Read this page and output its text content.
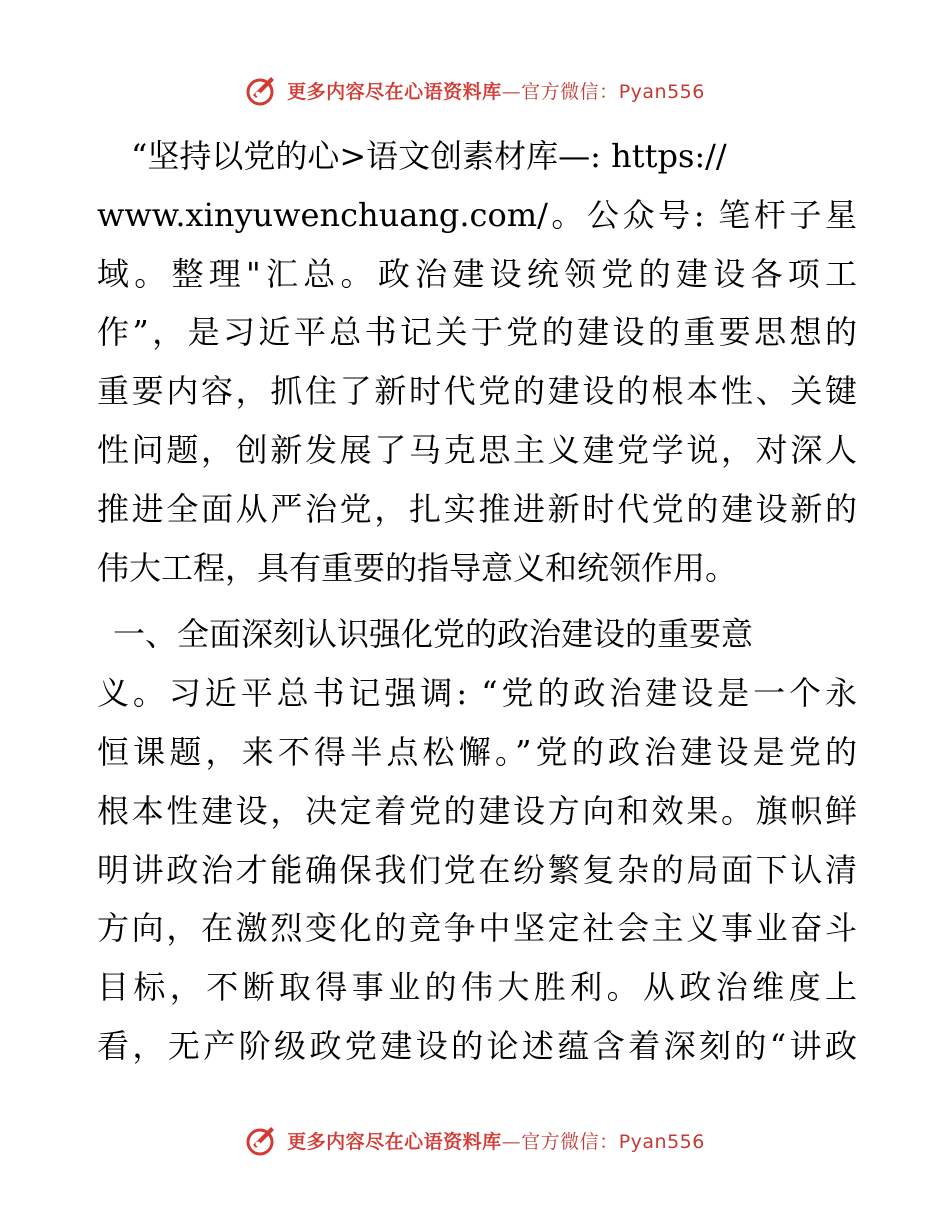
更多内容尽在心语资料库—官方微信：Pyan556
“坚持以党的心>语文创素材库—: https://
www.xinyuwenchuang.com/。公众号: 笔杆子星
域。整理"汇总。政治建设统领党的建设各项工
作”，是习近平总书记关于党的建设的重要思想的
重要内容，抓住了新时代党的建设的根本性、关键
性问题，创新发展了马克思主义建党学说，对深人
推进全面从严治党，扎实推进新时代党的建设新的
伟大工程，具有重要的指导意义和统领作用。
一、全面深刻认识强化党的政治建设的重要意
义。习近平总书记强调: “党的政治建设是一个永
恒课题，来不得半点松懈。”党的政治建设是党的
根本性建设，决定着党的建设方向和效果。旗帜鲜
明讲政治才能确保我们党在纷繁复杂的局面下认清
方向，在激烈变化的竞争中坚定社会主义事业奋斗
目标，不断取得事业的伟大胜利。从政治维度上
看，无产阶级政党建设的论述蕴含着深刻的“讲政
更多内容尽在心语资料库—官方微信：Pyan556
